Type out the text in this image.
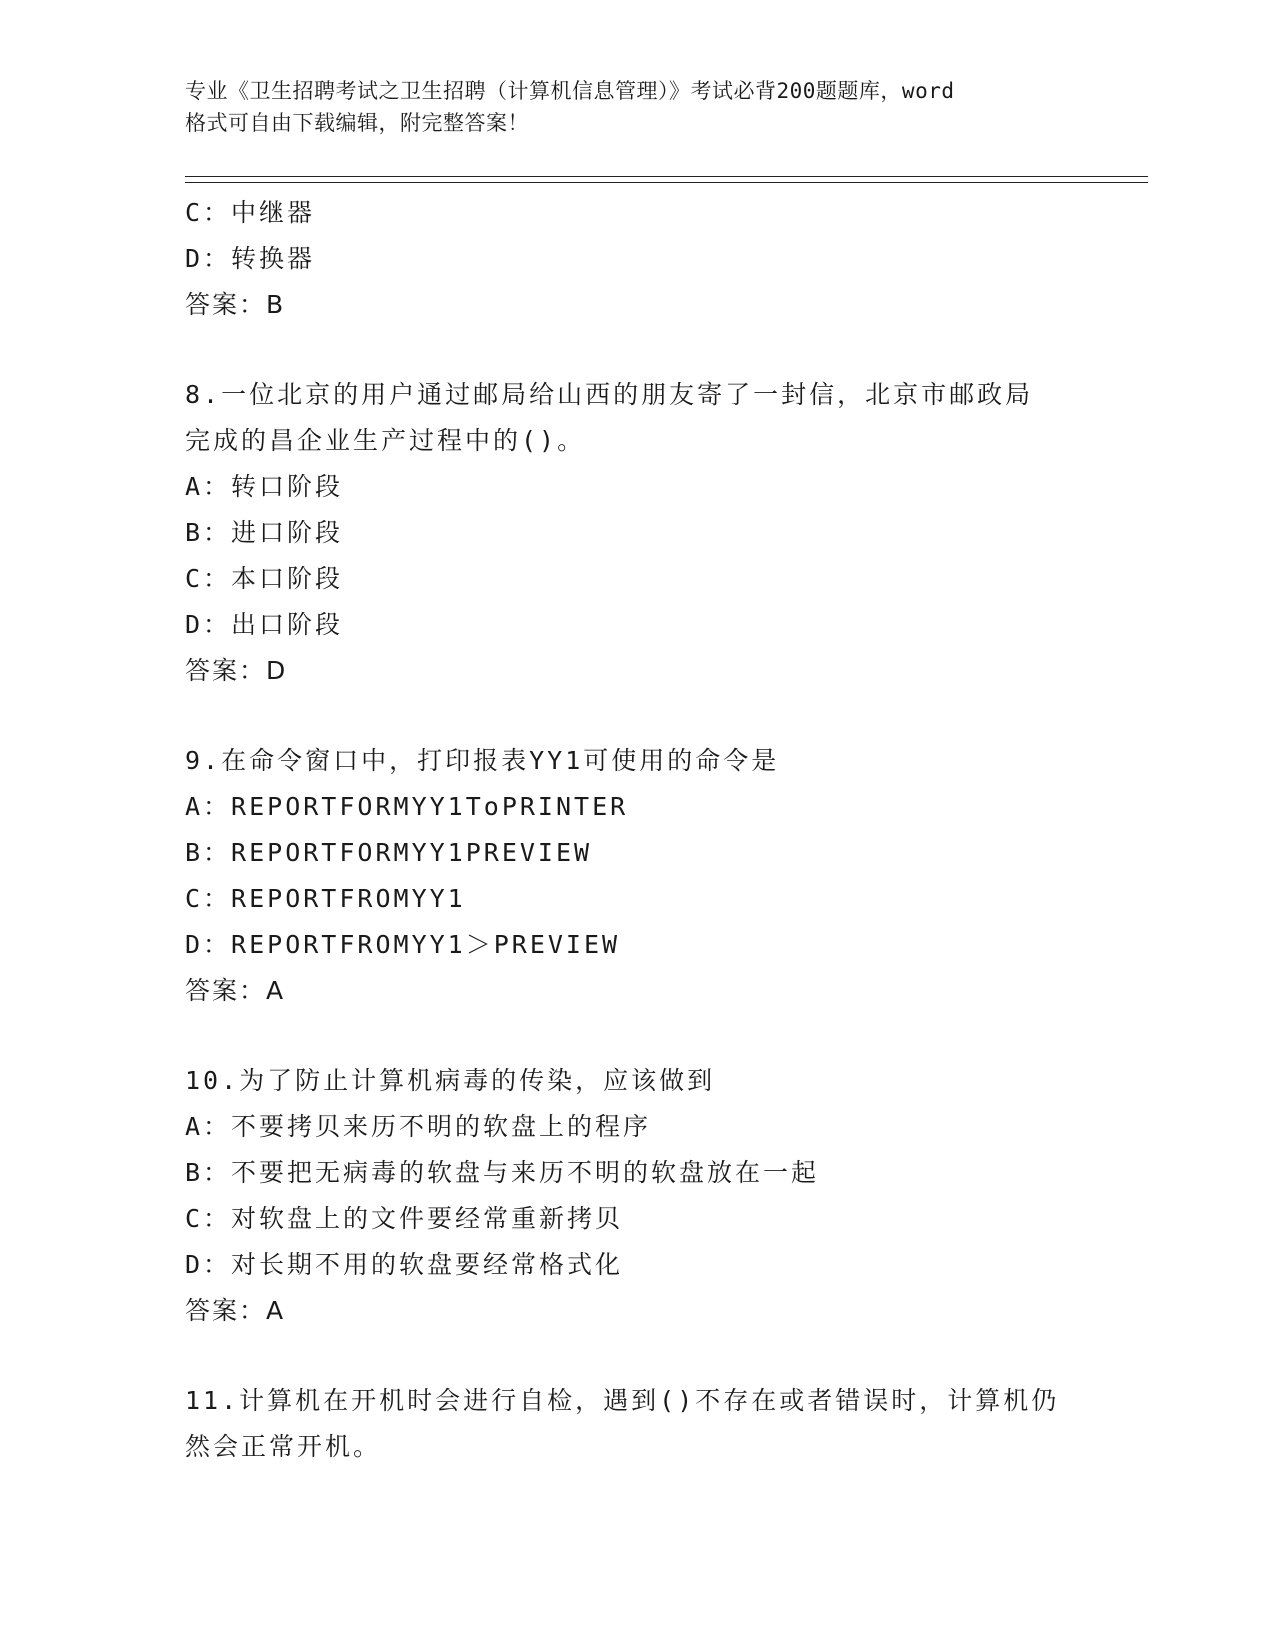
专业《卫生招聘考试之卫生招聘（计算机信息管理）》考试必背200题题库，word
格式可自由下载编辑，附完整答案！
C：中继器
D：转换器
答案：B
8.一位北京的用户通过邮局给山西的朋友寄了一封信，北京市邮政局
完成的昌企业生产过程中的()。
A：转口阶段
B：进口阶段
C：本口阶段
D：出口阶段
答案：D
9.在命令窗口中，打印报表YY1可使用的命令是
A：REPORTFORMYY1ToPRINTER
B：REPORTFORMYY1PREVIEW
C：REPORTFROMYY1
D：REPORTFROMYY1＞PREVIEW
答案：A
10.为了防止计算机病毒的传染，应该做到
A：不要拷贝来历不明的软盘上的程序
B：不要把无病毒的软盘与来历不明的软盘放在一起
C：对软盘上的文件要经常重新拷贝
D：对长期不用的软盘要经常格式化
答案：A
11.计算机在开机时会进行自检，遇到()不存在或者错误时，计算机仍
然会正常开机。
